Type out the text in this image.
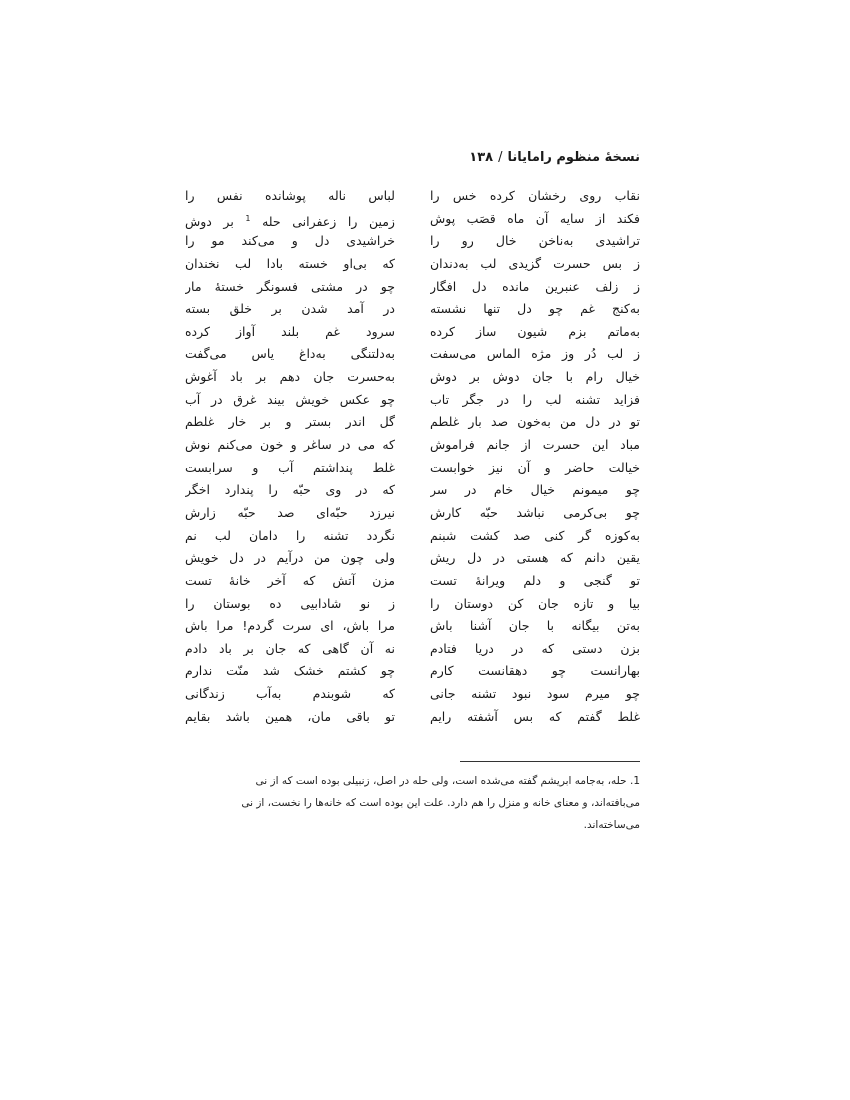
نسخهٔ منظوم رامایانا/۱۳۸
نقاب روی رخشان کرده خس را
فکند از سایه آن ماه قصَب پوش
تراشیدی به‌ناخن خال رو را
ز بس حسرت گزیدی لب به‌دندان
ز زلف عنبرین مانده دل افگار
به‌کنج غم چو دل تنها نشسته
به‌ماتم بزم شیون ساز کرده
ز لب دُر وز مژه الماس می‌سفت
خیال رام با جان دوش بر دوش
فزاید تشنه لب را در جگر تاب
تو در دل من به‌خون صد بار غلطم
مباد این حسرت از جانم فراموش
خیالت حاضر و آن نیز خوابست
چو میمونم خیال خام در سر
چو بی‌کرمی نباشد حبّه کارش
به‌کوزه گر کنی صد کشت شبنم
یقین دانم که هستی در دل ریش
تو گنجی و دلم ویرانهٔ تست
بیا و تازه جان کن دوستان را
به‌تن بیگانه با جان آشنا باش
بزن دستی که در دریا فتادم
بهارانست چو دهقانست کارم
چو میرم سود نبود تشنه جانی
غلط گفتم که بس آشفته رایم
لباس ناله پوشانده نفس را
زمین را زعفرانی حله $^1$ بر دوش
خراشیدی دل و می‌کند مو را
که بی‌او خسته بادا لب نخندان
چو در مشتی فسونگر خستهٔ مار
در آمد شدن بر خلق بسته
سرود غم بلند آواز کرده
به‌دلتنگی به‌داغ یاس می‌گفت
به‌حسرت جان دهم بر باد آغوش
چو عکس خویش بیند غرق در آب
گل اندر بستر و بر خار غلطم
که می در ساغر و خون می‌کنم نوش
غلط پنداشتم آب و سرابست
که در وی حبّه را پندارد اخگر
نیرزد حبّه‌ای صد حبّه زارش
نگردد تشنه را دامان لب نم
ولی چون من درآیم در دل خویش
مزن آتش که آخر خانهٔ تست
ز نو شادابیی ده بوستان را
مرا باش، ای سرت گردم! مرا باش
نه آن گاهی که جان بر باد دادم
چو کشتم خشک شد منّت ندارم
که شوبندم به‌آب زندگانی
تو باقی مان، همین باشد بقایم
1. حله، به‌جامه ابریشم گفته می‌شده است، ولی حله در اصل، زنبیلی بوده است که از نی می‌بافته‌اند، و معنای خانه و منزل را هم دارد. علت این بوده است که خانه‌ها را نخست، از نی می‌ساخته‌اند.
